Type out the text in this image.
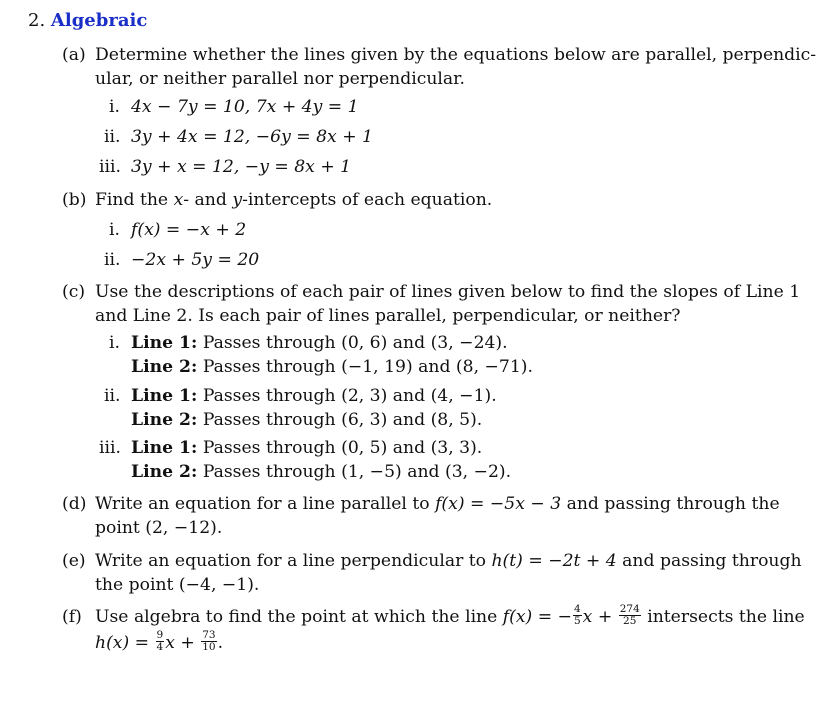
2. Algebraic
(a) Determine whether the lines given by the equations below are parallel, perpendic-
ular, or neither parallel nor perpendicular.
i. 4x − 7y = 10, 7x + 4y = 1
ii. 3y + 4x = 12, −6y = 8x + 1
iii. 3y + x = 12, −y = 8x + 1
(b) Find the x- and y-intercepts of each equation.
i. f(x) = −x + 2
ii. −2x + 5y = 20
(c) Use the descriptions of each pair of lines given below to find the slopes of Line 1
and Line 2. Is each pair of lines parallel, perpendicular, or neither?
i. Line 1: Passes through (0, 6) and (3, −24).
Line 2: Passes through (−1, 19) and (8, −71).
ii. Line 1: Passes through (2, 3) and (4, −1).
Line 2: Passes through (6, 3) and (8, 5).
iii. Line 1: Passes through (0, 5) and (3, 3).
Line 2: Passes through (1, −5) and (3, −2).
(d) Write an equation for a line parallel to f(x) = −5x − 3 and passing through the
point (2, −12).
(e) Write an equation for a line perpendicular to h(t) = −2t + 4 and passing through
the point (−4, −1).
(f) Use algebra to find the point at which the line f(x) = − $\frac{4}{5}$ $x + \frac{274}{25}$ intersects the line
$h(x) = \frac{9}{4}$ $x + \frac{73}{10}$ .
